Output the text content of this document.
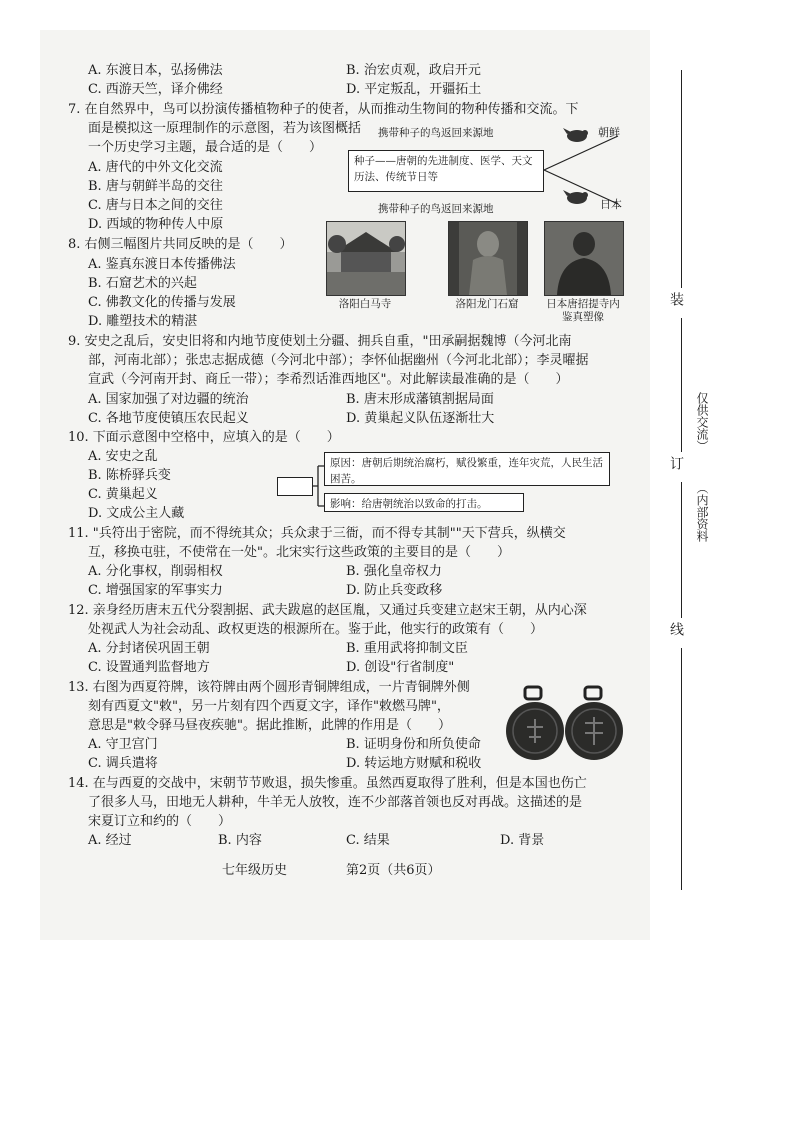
A. 东渡日本，弘扬佛法	B. 治宏贞观，政启开元
C. 西游天竺，译介佛经	D. 平定叛乱，开疆拓土
7. 在自然界中，鸟可以扮演传播植物种子的使者，从而推动生物间的物种传播和交流。下
面是模拟这一原理制作的示意图，若为该图概括
一个历史学习主题，最合适的是（　　）
A. 唐代的中外文化交流
B. 唐与朝鲜半岛的交往
C. 唐与日本之间的交往
D. 西域的物种传人中原
携带种子的鸟返回来源地
携带种子的鸟返回来源地
种子——唐朝的先进制度、医学、天文历法、传统节日等
朝鲜
日本
8. 右侧三幅图片共同反映的是（　　）
A. 鉴真东渡日本传播佛法
B. 石窟艺术的兴起
C. 佛教文化的传播与发展
D. 雕塑技术的精湛
洛阳白马寺	洛阳龙门石窟	日本唐招提寺内
鉴真塑像
9. 安史之乱后，安史旧将和内地节度使划土分疆、拥兵自重，"田承嗣据魏博（今河北南
部，河南北部）；张忠志据成德（今河北中部）；李怀仙据幽州（今河北北部）；李灵曜据
宣武（今河南开封、商丘一带）；李希烈话淮西地区"。对此解读最准确的是（　　）
A. 国家加强了对边疆的统治	B. 唐末形成藩镇割据局面
C. 各地节度使镇压农民起义	D. 黄巢起义队伍逐渐壮大
10. 下面示意图中空格中，应填入的是（　　）
A. 安史之乱
B. 陈桥驿兵变
C. 黄巢起义
D. 文成公主人藏
原因：唐朝后期统治腐朽，赋役繁重，连年灾荒，人民生活困苦。
影响：给唐朝统治以致命的打击。
11. "兵符出于密院，而不得统其众；兵众隶于三衙，而不得专其制""天下营兵，纵横交
互，移换屯驻，不使常在一处"。北宋实行这些政策的主要目的是（　　）
A. 分化事权，削弱相权	B. 强化皇帝权力
C. 增强国家的军事实力	D. 防止兵变政移
12. 亲身经历唐末五代分裂割据、武夫跋扈的赵匡胤，又通过兵变建立赵宋王朝，从内心深
处视武人为社会动乱、政权更迭的根源所在。鉴于此，他实行的政策有（　　）
A. 分封诸侯巩固王朝	B. 重用武将抑制文臣
C. 设置通判监督地方	D. 创设"行省制度"
13. 右图为西夏符牌，该符牌由两个圆形青铜牌组成，一片青铜牌外侧
刻有西夏文"敕"，另一片刻有四个西夏文字，译作"敕燃马牌"，
意思是"敕令驿马昼夜疾驰"。据此推断，此牌的作用是（　　）
A. 守卫宫门	B. 证明身份和所负使命
C. 调兵遣将	D. 转运地方财赋和税收
14. 在与西夏的交战中，宋朝节节败退，损失惨重。虽然西夏取得了胜利，但是本国也伤亡
了很多人马，田地无人耕种，牛羊无人放牧，连不少部落首领也反对再战。这描述的是
宋夏订立和约的（　　）
A. 经过	B. 内容	C. 结果	D. 背景
七年级历史	第2页（共6页）
装
订
线
仅供交流）
（内部资料
